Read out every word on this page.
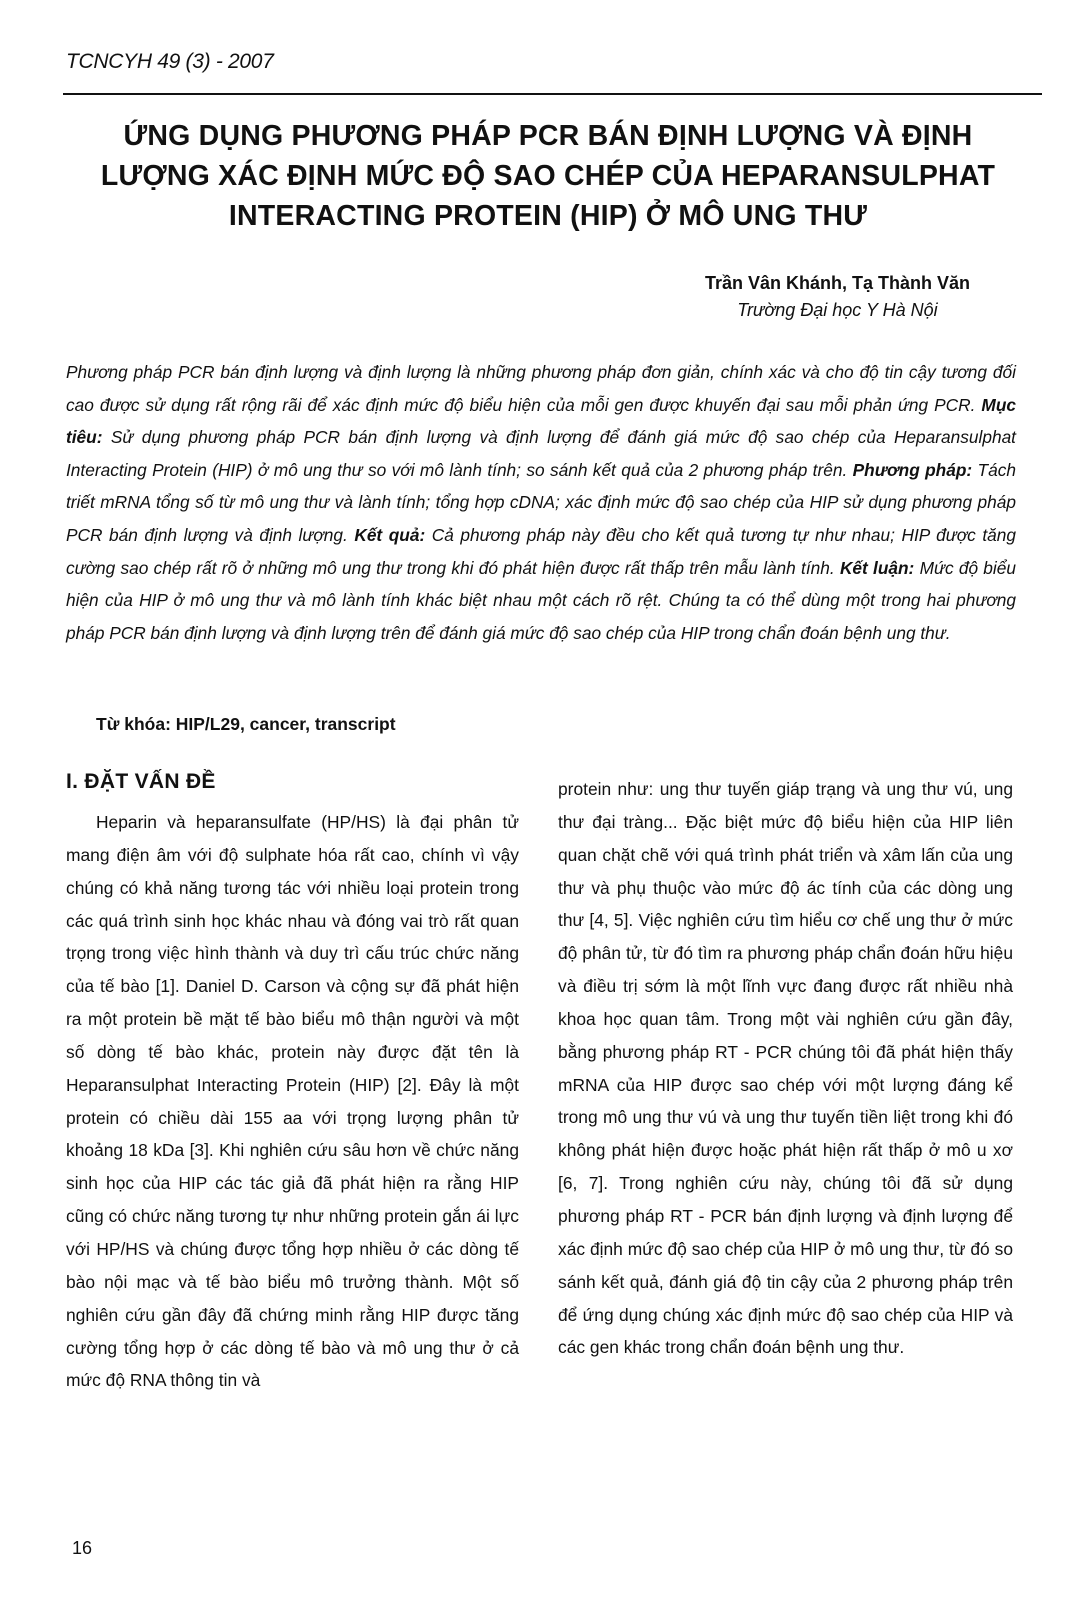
TCNCYH 49 (3) - 2007
ỨNG DỤNG PHƯƠNG PHÁP PCR BÁN ĐỊNH LƯỢNG VÀ ĐỊNH
LƯỢNG XÁC ĐỊNH MỨC ĐỘ SAO CHÉP CỦA HEPARANSULPHAT
INTERACTING PROTEIN (HIP) Ở MÔ UNG THƯ
Trần Vân Khánh, Tạ Thành Văn
Trường Đại học Y Hà Nội
Phương pháp PCR bán định lượng và định lượng là những phương pháp đơn giản, chính xác và cho độ tin cậy tương đối cao được sử dụng rất rộng rãi để xác định mức độ biểu hiện của mỗi gen được khuyến đại sau mỗi phản ứng PCR. Mục tiêu: Sử dụng phương pháp PCR bán định lượng và định lượng để đánh giá mức độ sao chép của Heparansulphat Interacting Protein (HIP) ở mô ung thư so với mô lành tính; so sánh kết quả của 2 phương pháp trên. Phương pháp: Tách triết mRNA tổng số từ mô ung thư và lành tính; tổng hợp cDNA; xác định mức độ sao chép của HIP sử dụng phương pháp PCR bán định lượng và định lượng. Kết quả: Cả phương pháp này đều cho kết quả tương tự như nhau; HIP được tăng cường sao chép rất rõ ở những mô ung thư trong khi đó phát hiện được rất thấp trên mẫu lành tính. Kết luận: Mức độ biểu hiện của HIP ở mô ung thư và mô lành tính khác biệt nhau một cách rõ rệt. Chúng ta có thể dùng một trong hai phương pháp PCR bán định lượng và định lượng trên để đánh giá mức độ sao chép của HIP trong chẩn đoán bệnh ung thư.
Từ khóa: HIP/L29, cancer, transcript
I. ĐẶT VẤN ĐỀ
Heparin và heparansulfate (HP/HS) là đại phân tử mang điện âm với độ sulphate hóa rất cao, chính vì vậy chúng có khả năng tương tác với nhiều loại protein trong các quá trình sinh học khác nhau và đóng vai trò rất quan trọng trong việc hình thành và duy trì cấu trúc chức năng của tế bào [1]. Daniel D. Carson và cộng sự đã phát hiện ra một protein bề mặt tế bào biểu mô thận người và một số dòng tế bào khác, protein này được đặt tên là Heparansulphat Interacting Protein (HIP) [2]. Đây là một protein có chiều dài 155 aa với trọng lượng phân tử khoảng 18 kDa [3]. Khi nghiên cứu sâu hơn về chức năng sinh học của HIP các tác giả đã phát hiện ra rằng HIP cũng có chức năng tương tự như những protein gắn ái lực với HP/HS và chúng được tổng hợp nhiều ở các dòng tế bào nội mạc và tế bào biểu mô trưởng thành. Một số nghiên cứu gần đây đã chứng minh rằng HIP được tăng cường tổng hợp ở các dòng tế bào và mô ung thư ở cả mức độ RNA thông tin và
protein như: ung thư tuyến giáp trạng và ung thư vú, ung thư đại tràng... Đặc biệt mức độ biểu hiện của HIP liên quan chặt chẽ với quá trình phát triển và xâm lấn của ung thư và phụ thuộc vào mức độ ác tính của các dòng ung thư [4, 5]. Việc nghiên cứu tìm hiểu cơ chế ung thư ở mức độ phân tử, từ đó tìm ra phương pháp chẩn đoán hữu hiệu và điều trị sớm là một lĩnh vực đang được rất nhiều nhà khoa học quan tâm. Trong một vài nghiên cứu gần đây, bằng phương pháp RT - PCR chúng tôi đã phát hiện thấy mRNA của HIP được sao chép với một lượng đáng kể trong mô ung thư vú và ung thư tuyến tiền liệt trong khi đó không phát hiện được hoặc phát hiện rất thấp ở mô u xơ [6, 7]. Trong nghiên cứu này, chúng tôi đã sử dụng phương pháp RT - PCR bán định lượng và định lượng để xác định mức độ sao chép của HIP ở mô ung thư, từ đó so sánh kết quả, đánh giá độ tin cậy của 2 phương pháp trên để ứng dụng chúng xác định mức độ sao chép của HIP và các gen khác trong chẩn đoán bệnh ung thư.
16
